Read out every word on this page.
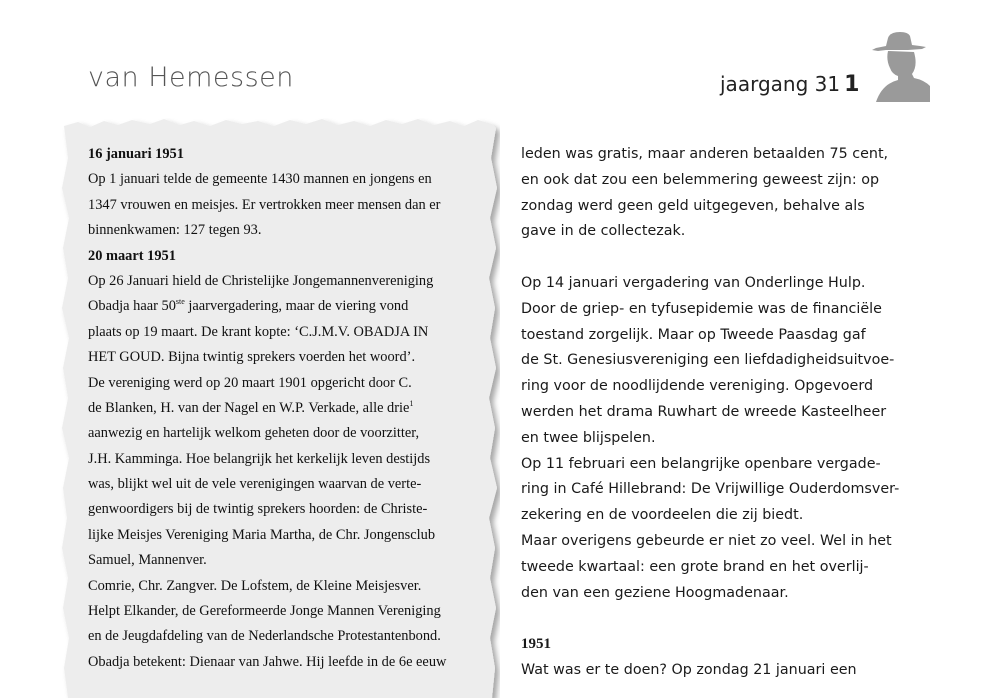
van Hemessen	jaargang 31 1
16 januari 1951
Op 1 januari telde de gemeente 1430 mannen en jongens en
1347 vrouwen en meisjes. Er vertrokken meer mensen dan er
binnenkwamen: 127 tegen 93.
20 maart 1951
Op 26 Januari hield de Christelijke Jongemannenvereniging
Obadja haar 50ste jaarvergadering, maar de viering vond
plaats op 19 maart. De krant kopte: ‘C.J.M.V. OBADJA IN
HET GOUD. Bijna twintig sprekers voerden het woord’.
De vereniging werd op 20 maart 1901 opgericht door C.
de Blanken, H. van der Nagel en W.P. Verkade, alle drie$^1$
aanwezig en hartelijk welkom geheten door de voorzitter,
J.H. Kamminga. Hoe belangrijk het kerkelijk leven destijds
was, blijkt wel uit de vele verenigingen waarvan de verte-
genwoordigers bij de twintig sprekers hoorden: de Christe-
lijke Meisjes Vereniging Maria Martha, de Chr. Jongensclub
Samuel, Mannenver.
Comrie, Chr. Zangver. De Lofstem, de Kleine Meisjesver.
Helpt Elkander, de Gereformeerde Jonge Mannen Vereniging
en de Jeugdafdeling van de Nederlandsche Protestantenbond.
Obadja betekent: Dienaar van Jahwe. Hij leefde in de 6e eeuw
leden was gratis, maar anderen betaalden 75 cent,
en ook dat zou een belemmering geweest zijn: op
zondag werd geen geld uitgegeven, behalve als
gave in de collectezak.
Op 14 januari vergadering van Onderlinge Hulp.
Door de griep- en tyfusepidemie was de financiële
toestand zorgelijk. Maar op Tweede Paasdag gaf
de St. Genesiusvereniging een liefdadigheidsuitvoe-
ring voor de noodlijdende vereniging. Opgevoerd
werden het drama Ruwhart de wreede Kasteelheer
en twee blijspelen.
Op 11 februari een belangrijke openbare vergade-
ring in Café Hillebrand: De Vrijwillige Ouderdomsver-
zekering en de voordeelen die zij biedt.
Maar overigens gebeurde er niet zo veel. Wel in het
tweede kwartaal: een grote brand en het overlij-
den van een geziene Hoogmadenaar.
1951
Wat was er te doen? Op zondag 21 januari een
